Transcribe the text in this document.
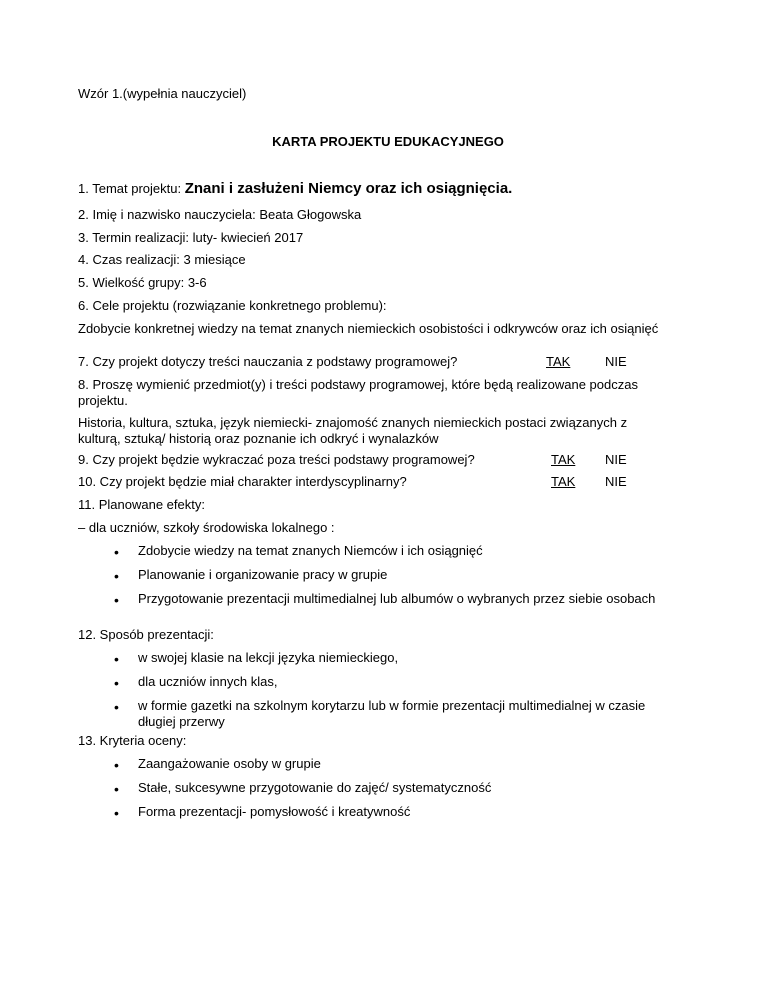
Wzór 1.(wypełnia nauczyciel)
KARTA PROJEKTU EDUKACYJNEGO
1. Temat projektu: Znani i zasłużeni Niemcy oraz ich osiągnięcia.
2. Imię i nazwisko nauczyciela: Beata Głogowska
3. Termin realizacji: luty- kwiecień 2017
4. Czas realizacji: 3 miesiące
5. Wielkość grupy: 3-6
6. Cele projektu (rozwiązanie konkretnego problemu):
Zdobycie konkretnej wiedzy na temat znanych niemieckich osobistości i odkrywców oraz ich osiąnięć
7. Czy projekt dotyczy treści nauczania z podstawy programowej?	TAK	NIE
8. Proszę wymienić przedmiot(y) i treści podstawy programowej, które będą realizowane podczas projektu.
Historia, kultura, sztuka, język niemiecki- znajomość znanych niemieckich postaci związanych z kulturą, sztuką/ historią oraz poznanie ich odkryć i wynalazków
9. Czy projekt będzie wykraczać poza treści podstawy programowej?	TAK NIE
10. Czy projekt będzie miał charakter interdyscyplinarny?	TAK NIE
11. Planowane efekty:
– dla uczniów, szkoły środowiska lokalnego :
• Zdobycie wiedzy na temat znanych Niemców i ich osiągnięć
• Planowanie i organizowanie pracy w grupie
• Przygotowanie prezentacji multimedialnej lub albumów o wybranych przez siebie osobach
12. Sposób prezentacji:
• w swojej klasie na lekcji języka niemieckiego,
• dla uczniów innych klas,
• w formie gazetki na szkolnym korytarzu lub w formie prezentacji multimedialnej w czasie długiej przerwy
13. Kryteria oceny:
• Zaangażowanie osoby w grupie
• Stałe, sukcesywne przygotowanie do zajęć/ systematyczność
• Forma prezentacji- pomysłowość i kreatywność
